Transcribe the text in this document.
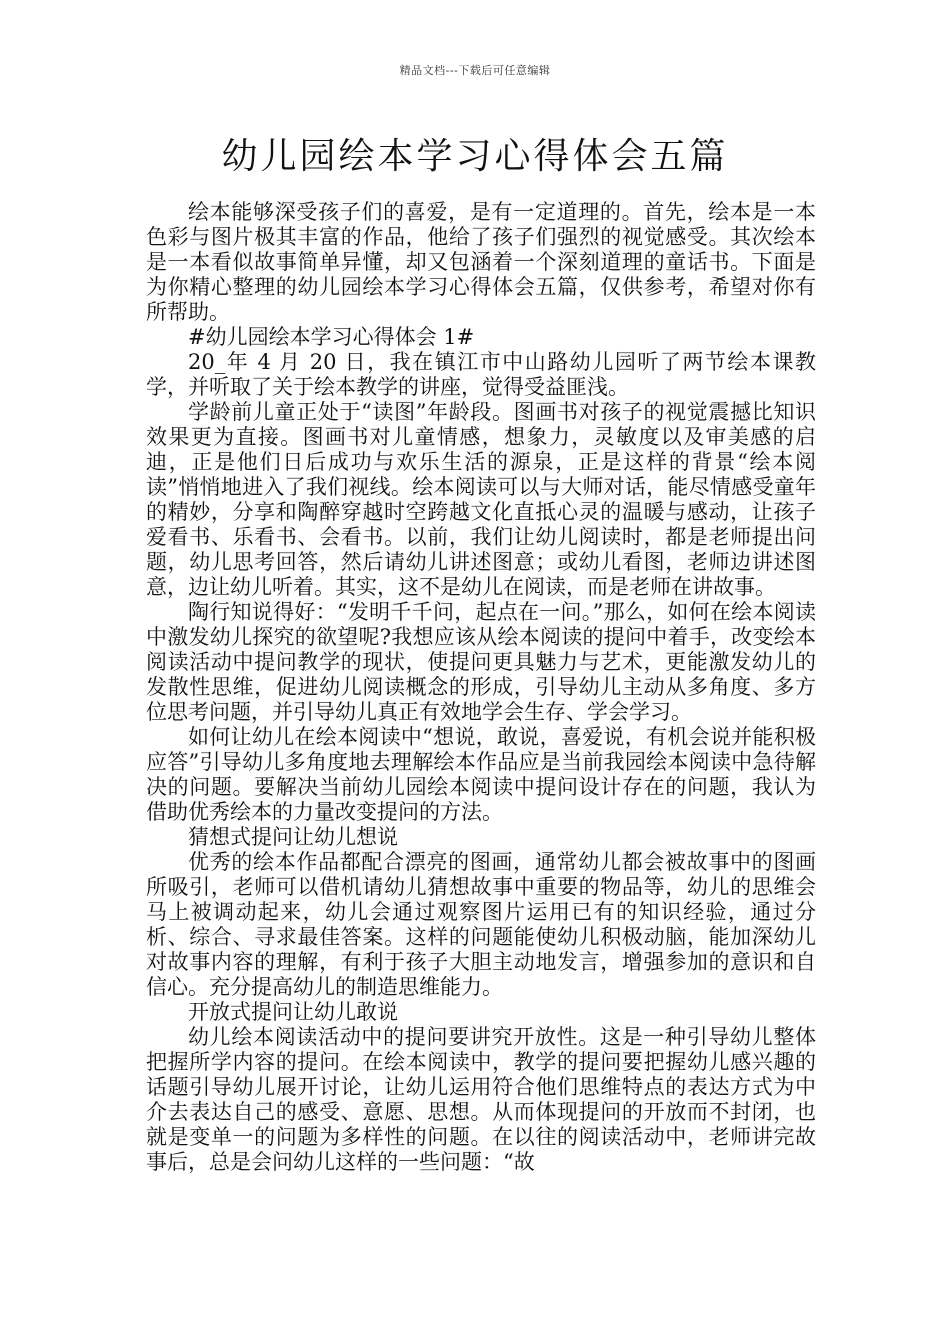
精品文档---下载后可任意编辑
幼儿园绘本学习心得体会五篇

绘本能够深受孩子们的喜爱，是有一定道理的。首先，绘本是一本色彩与图片极其丰富的作品，他给了孩子们强烈的视觉感受。其次绘本是一本看似故事简单异懂，却又包涵着一个深刻道理的童话书。下面是为你精心整理的幼儿园绘本学习心得体会五篇，仅供参考，希望对你有所帮助。

#幼儿园绘本学习心得体会 1#

20_年 4 月 20 日，我在镇江市中山路幼儿园听了两节绘本课教学，并听取了关于绘本教学的讲座，觉得受益匪浅。

学龄前儿童正处于“读图”年龄段。图画书对孩子的视觉震撼比知识效果更为直接。图画书对儿童情感，想象力，灵敏度以及审美感的启迪，正是他们日后成功与欢乐生活的源泉，正是这样的背景“绘本阅读”悄悄地进入了我们视线。绘本阅读可以与大师对话，能尽情感受童年的精妙，分享和陶醉穿越时空跨越文化直抵心灵的温暖与感动，让孩子爱看书、乐看书、会看书。以前，我们让幼儿阅读时，都是老师提出问题，幼儿思考回答，然后请幼儿讲述图意；或幼儿看图，老师边讲述图意，边让幼儿听着。其实，这不是幼儿在阅读，而是老师在讲故事。

陶行知说得好：“发明千千问，起点在一问。”那么，如何在绘本阅读中激发幼儿探究的欲望呢?我想应该从绘本阅读的提问中着手，改变绘本阅读活动中提问教学的现状，使提问更具魅力与艺术，更能激发幼儿的发散性思维，促进幼儿阅读概念的形成，引导幼儿主动从多角度、多方位思考问题，并引导幼儿真正有效地学会生存、学会学习。

如何让幼儿在绘本阅读中“想说，敢说，喜爱说，有机会说并能积极应答”引导幼儿多角度地去理解绘本作品应是当前我园绘本阅读中急待解决的问题。要解决当前幼儿园绘本阅读中提问设计存在的问题，我认为借助优秀绘本的力量改变提问的方法。

猜想式提问让幼儿想说

优秀的绘本作品都配合漂亮的图画，通常幼儿都会被故事中的图画所吸引，老师可以借机请幼儿猜想故事中重要的物品等，幼儿的思维会马上被调动起来，幼儿会通过观察图片运用已有的知识经验，通过分析、综合、寻求最佳答案。这样的问题能使幼儿积极动脑，能加深幼儿对故事内容的理解，有利于孩子大胆主动地发言，增强参加的意识和自信心。充分提高幼儿的制造思维能力。

开放式提问让幼儿敢说

幼儿绘本阅读活动中的提问要讲究开放性。这是一种引导幼儿整体把握所学内容的提问。在绘本阅读中，教学的提问要把握幼儿感兴趣的话题引导幼儿展开讨论，让幼儿运用符合他们思维特点的表达方式为中介去表达自己的感受、意愿、思想。从而体现提问的开放而不封闭，也就是变单一的问题为多样性的问题。在以往的阅读活动中，老师讲完故事后，总是会问幼儿这样的一些问题：“故
